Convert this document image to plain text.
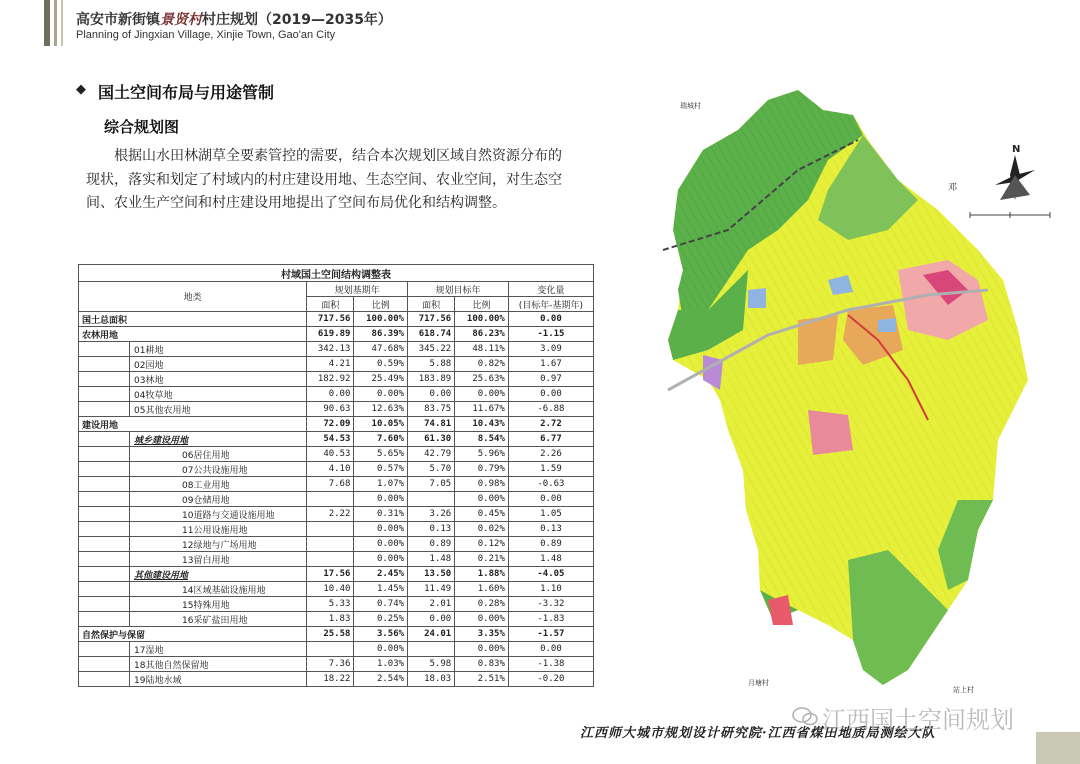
高安市新街镇景贤村村庄规划（2019—2035年）
Planning of Jingxian Village, Xinjie Town, Gao'an City
◆ 国土空间布局与用途管制
综合规划图
根据山水田林湖草全要素管控的需要，结合本次规划区域自然资源分布的现状，落实和划定了村域内的村庄建设用地、生态空间、农业空间，对生态空间、农业生产空间和村庄建设用地提出了空间布局优化和结构调整。
村域国土空间结构调整表						
地类		规划基期年		规划目标年		变化量
		面积	比例	面积	比例	(目标年-基期年)
国土总面积		717.56	100.00%	717.56	100.00%	0.00
农林用地		619.89	86.39%	618.74	86.23%	-1.15
	01耕地	342.13	47.68%	345.22	48.11%	3.09
	02园地	4.21	0.59%	5.88	0.82%	1.67
	03林地	182.92	25.49%	183.89	25.63%	0.97
	04牧草地	0.00	0.00%	0.00	0.00%	0.00
	05其他农用地	90.63	12.63%	83.75	11.67%	-6.88
建设用地		72.09	10.05%	74.81	10.43%	2.72
	城乡建设用地	54.53	7.60%	61.30	8.54%	6.77
	06居住用地	40.53	5.65%	42.79	5.96%	2.26
	07公共设施用地	4.10	0.57%	5.70	0.79%	1.59
	08工业用地	7.68	1.07%	7.05	0.98%	-0.63
	09仓储用地		0.00%		0.00%	0.00
	10道路与交通设施用地	2.22	0.31%	3.26	0.45%	1.05
	11公用设施用地		0.00%	0.13	0.02%	0.13
	12绿地与广场用地		0.00%	0.89	0.12%	0.89
	13留白用地		0.00%	1.48	0.21%	1.48
	其他建设用地	17.56	2.45%	13.50	1.88%	-4.05
	14区域基础设施用地	10.40	1.45%	11.49	1.60%	1.10
	15特殊用地	5.33	0.74%	2.01	0.28%	-3.32
	16采矿盐田用地	1.83	0.25%	0.00	0.00%	-1.83
自然保护与保留		25.58	3.56%	24.01	3.35%	-1.57
	17湿地		0.00%		0.00%	0.00
	18其他自然保留地	7.36	1.03%	5.98	0.83%	-1.38
	19陆地水域	18.22	2.54%	18.03	2.51%	-0.20
瑞城村
月塘村
站上村
邓
N
江西师大城市规划设计研究院·江西省煤田地质局测绘大队
江西国土空间规划
